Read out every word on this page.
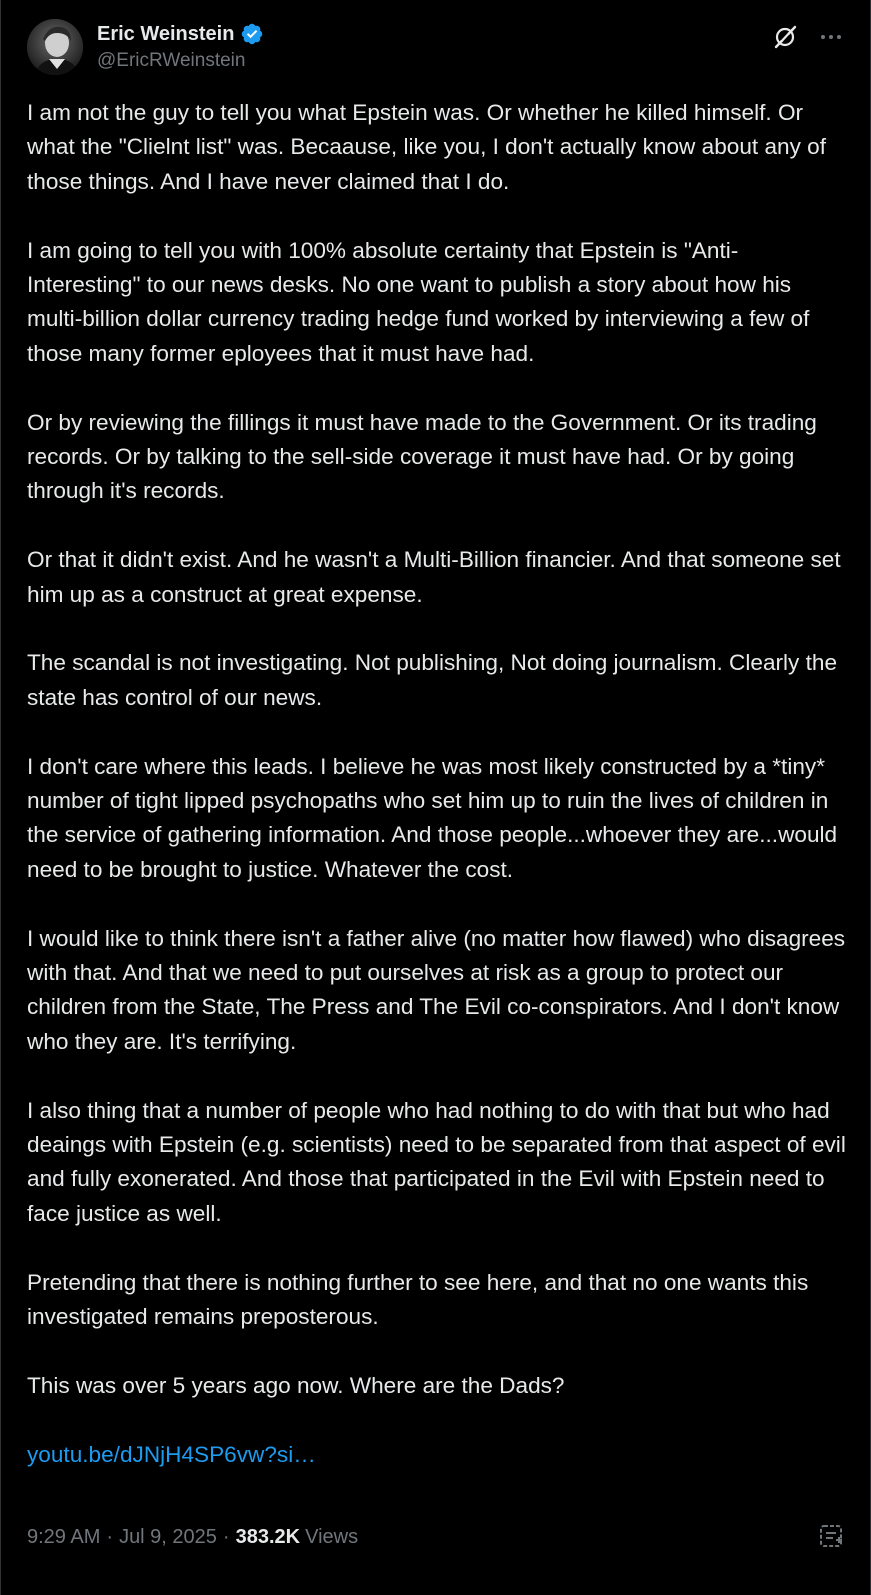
Eric Weinstein
@EricRWeinstein

I am not the guy to tell you what Epstein was. Or whether he killed himself. Or what the "Clielnt list" was. Becaause, like you, I don't actually know about any of those things. And I have never claimed that I do.

I am going to tell you with 100% absolute certainty that Epstein is "Anti-Interesting" to our news desks. No one want to publish a story about how his multi-billion dollar currency trading hedge fund worked by interviewing a few of those many former eployees that it must have had.

Or by reviewing the fillings it must have made to the Government. Or its trading records. Or by talking to the sell-side coverage it must have had. Or by going through it's records.

Or that it didn't exist. And he wasn't a Multi-Billion financier. And that someone set him up as a construct at great expense.

The scandal is not investigating. Not publishing, Not doing journalism. Clearly the state has control of our news.

I don't care where this leads. I believe he was most likely constructed by a *tiny* number of tight lipped psychopaths who set him up to ruin the lives of children in the service of gathering information. And those people...whoever they are...would need to be brought to justice. Whatever the cost.

I would like to think there isn't a father alive (no matter how flawed) who disagrees with that. And that we need to put ourselves at risk as a group to protect our children from the State, The Press and The Evil co-conspirators. And I don't know who they are. It's terrifying.

I also thing that a number of people who had nothing to do with that but who had deaings with Epstein (e.g. scientists) need to be separated from that aspect of evil and fully exonerated. And those that participated in the Evil with Epstein need to face justice as well.

Pretending that there is nothing further to see here, and that no one wants this investigated remains preposterous.

This was over 5 years ago now. Where are the Dads?

youtu.be/dJNjH4SP6vw?si…
9:29 AM · Jul 9, 2025 · 383.2K Views
